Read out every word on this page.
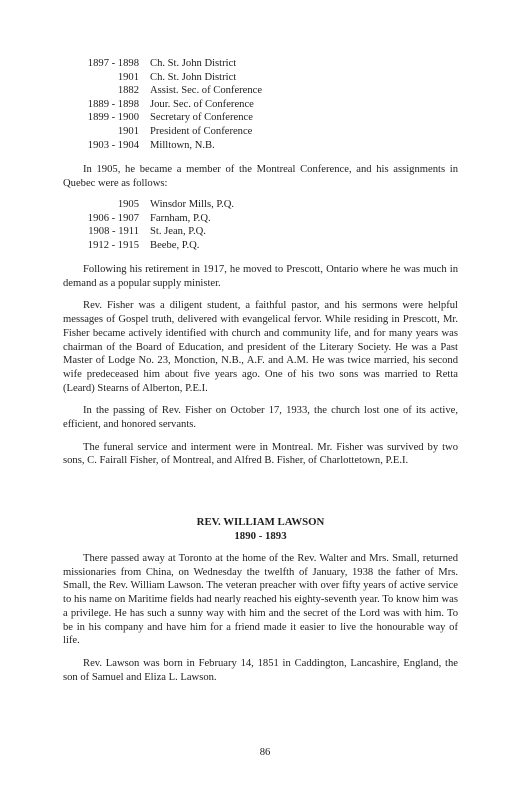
1897 - 1898 Ch. St. John District
1901 Ch. St. John District
1882 Assist. Sec. of Conference
1889 - 1898 Jour. Sec. of Conference
1899 - 1900 Secretary of Conference
1901 President of Conference
1903 - 1904 Milltown, N.B.

In 1905, he became a member of the Montreal Conference, and his assignments in Quebec were as follows:

1905 Winsdor Mills, P.Q.
1906 - 1907 Farnham, P.Q.
1908 - 1911 St. Jean, P.Q.
1912 - 1915 Beebe, P.Q.

Following his retirement in 1917, he moved to Prescott, Ontario where he was much in demand as a popular supply minister.

Rev. Fisher was a diligent student, a faithful pastor, and his sermons were helpful messages of Gospel truth, delivered with evangelical fervor. While residing in Prescott, Mr. Fisher became actively identified with church and community life, and for many years was chairman of the Board of Education, and president of the Literary Society. He was a Past Master of Lodge No. 23, Monction, N.B., A.F. and A.M. He was twice married, his second wife predeceased him about five years ago. One of his two sons was married to Retta (Leard) Stearns of Alberton, P.E.I.

In the passing of Rev. Fisher on October 17, 1933, the church lost one of its active, efficient, and honored servants.

The funeral service and interment were in Montreal. Mr. Fisher was survived by two sons, C. Fairall Fisher, of Montreal, and Alfred B. Fisher, of Charlottetown, P.E.I.

REV. WILLIAM LAWSON
1890 - 1893

There passed away at Toronto at the home of the Rev. Walter and Mrs. Small, returned missionaries from China, on Wednesday the twelfth of January, 1938 the father of Mrs. Small, the Rev. William Lawson. The veteran preacher with over fifty years of active service to his name on Maritime fields had nearly reached his eighty-seventh year. To know him was a privilege. He has such a sunny way with him and the secret of the Lord was with him. To be in his company and have him for a friend made it easier to live the honourable way of life.

Rev. Lawson was born in February 14, 1851 in Caddington, Lancashire, England, the son of Samuel and Eliza L. Lawson.

86
